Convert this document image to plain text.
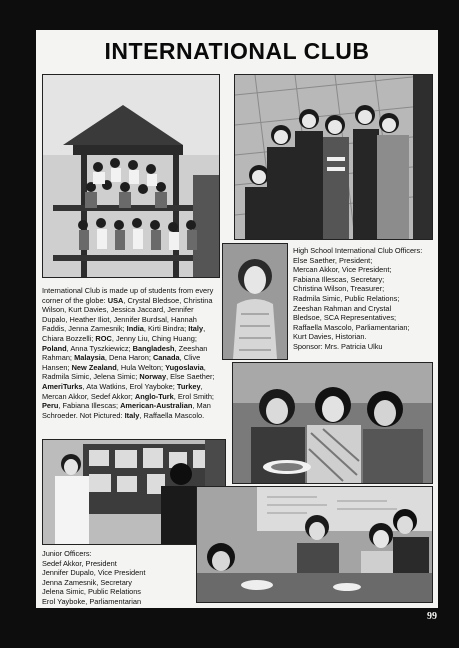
INTERNATIONAL CLUB
International Club is made up of students from every corner of the globe: USA, Crystal Bledsoe, Christina Wilson, Kurt Davies, Jessica Jaccard, Jennifer Dupalo, Heather Iliot, Jennifer Burdsal, Hannah Faddis, Jenna Zamesnik; India, Kirti Bindra; Italy, Chiara Bozzelli; ROC, Jenny Liu, Ching Huang; Poland, Anna Tyszkiewicz; Bangladesh, Zeeshan Rahman; Malaysia, Dena Haron; Canada, Clive Hansen; New Zealand, Hula Welton; Yugoslavia, Radmila Simic, Jelena Simic; Norway, Else Saether; AmeriTurks, Ata Watkins, Erol Yayboke; Turkey, Mercan Akkor, Sedef Akkor; Anglo-Turk, Erol Smith; Peru, Fabiana Illescas; American-Australian, Man Schroeder. Not Pictured: Italy, Raffaella Mascolo.
High School International Club Officers:
Else Saether, President;
Mercan Akkor, Vice President;
Fabiana Illescas, Secretary;
Christina Wilson, Treasurer;
Radmila Simic, Public Relations;
Zeeshan Rahman and Crystal
Bledsoe, SCA Representatives;
Raffaella Mascolo, Parliamentarian;
Kurt Davies, Historian.
Sponsor: Mrs. Patricia Ulku
Junior Officers:
Sedef Akkor, President
Jennifer Dupalo, Vice President
Jenna Zamesnik, Secretary
Jelena Simic, Public Relations
Erol Yayboke, Parliamentarian
99
